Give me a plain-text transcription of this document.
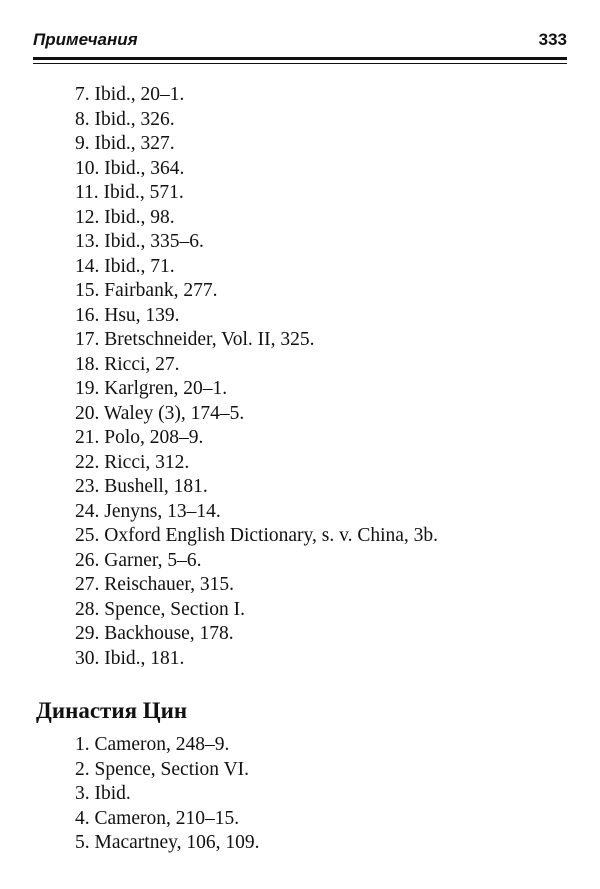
Примечания	333
7. Ibid., 20–1.
8. Ibid., 326.
9. Ibid., 327.
10. Ibid., 364.
11. Ibid., 571.
12. Ibid., 98.
13. Ibid., 335–6.
14. Ibid., 71.
15. Fairbank, 277.
16. Hsu, 139.
17. Bretschneider, Vol. II, 325.
18. Ricci, 27.
19. Karlgren, 20–1.
20. Waley (3), 174–5.
21. Polo, 208–9.
22. Ricci, 312.
23. Bushell, 181.
24. Jenyns, 13–14.
25. Oxford English Dictionary, s. v. China, 3b.
26. Garner, 5–6.
27. Reischauer, 315.
28. Spence, Section I.
29. Backhouse, 178.
30. Ibid., 181.
Династия Цин
1. Cameron, 248–9.
2. Spence, Section VI.
3. Ibid.
4. Cameron, 210–15.
5. Macartney, 106, 109.
